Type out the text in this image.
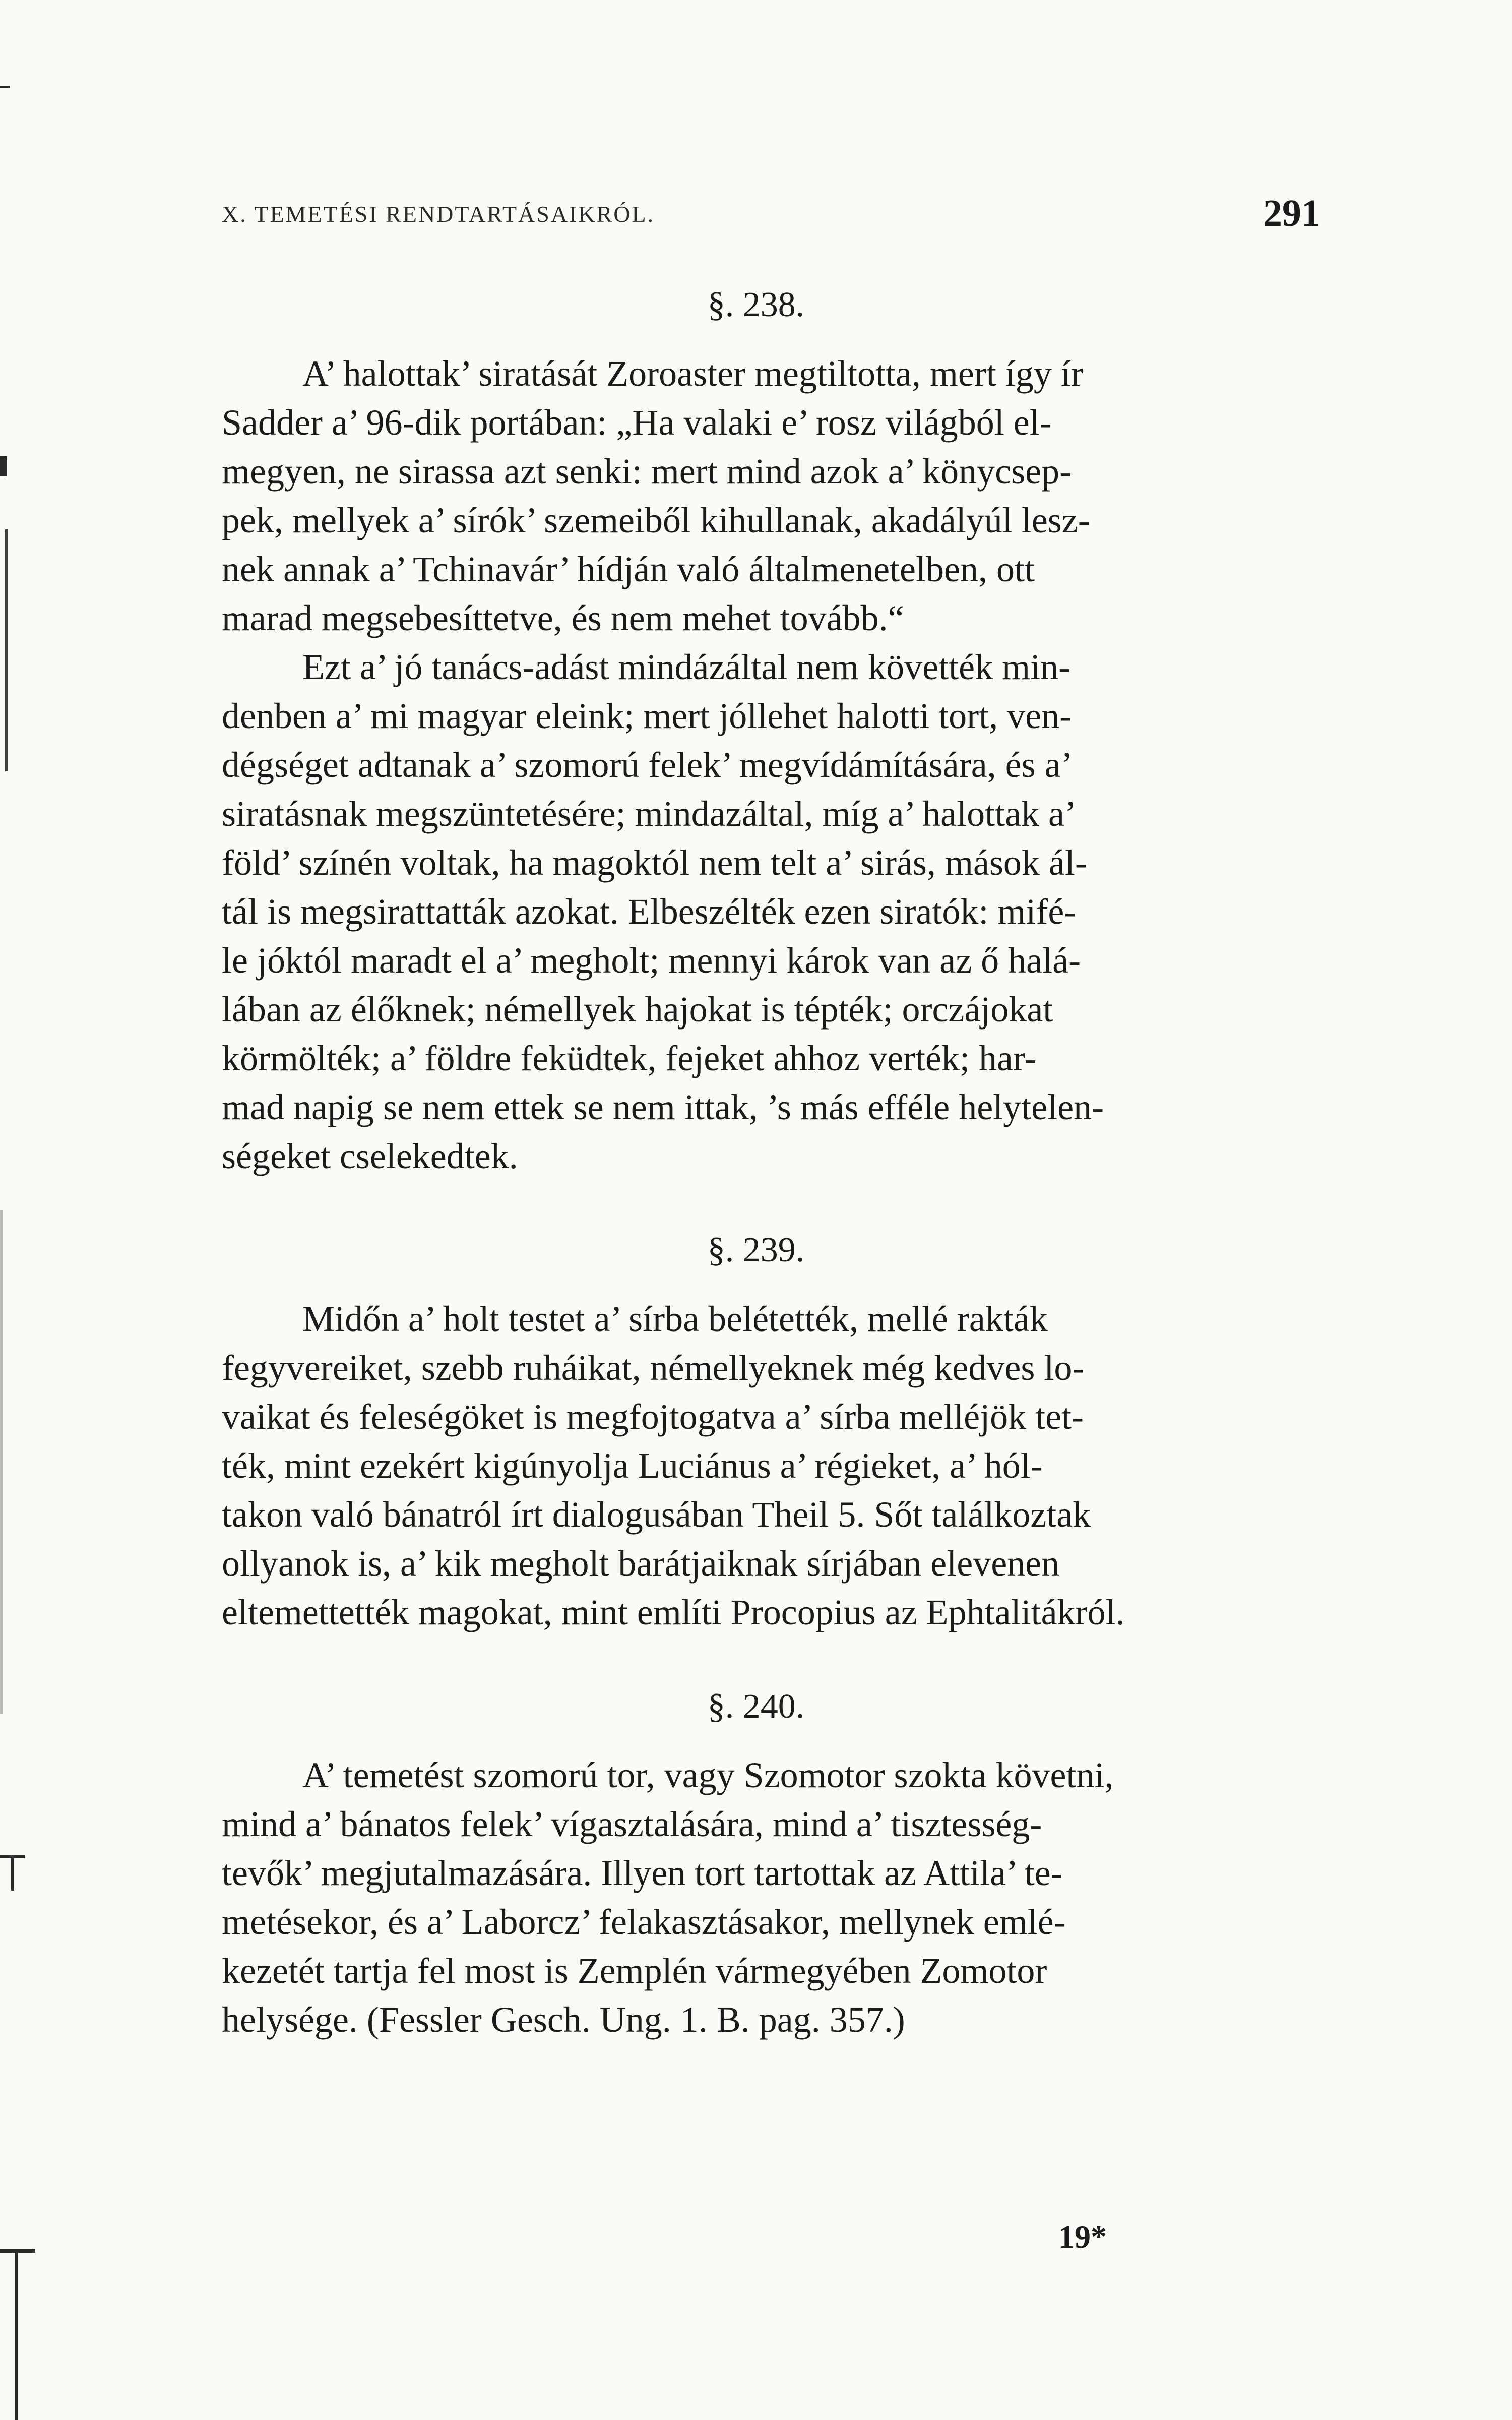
X. TEMETÉSI RENDTARTÁSAIKRÓL.	291
§. 238.
A’ halottak’ siratását Zoroaster megtiltotta, mert így ír
Sadder a’ 96-dik portában: „Ha valaki e’ rosz világból el-
megyen, ne sirassa azt senki: mert mind azok a’ könycsep-
pek, mellyek a’ sírók’ szemeiből kihullanak, akadályúl lesz-
nek annak a’ Tchinavár’ hídján való általmenetelben, ott
marad megsebesíttetve, és nem mehet tovább.“
Ezt a’ jó tanács-adást mindázáltal nem követték min-
denben a’ mi magyar eleink; mert jóllehet halotti tort, ven-
dégséget adtanak a’ szomorú felek’ megvídámítására, és a’
siratásnak megszüntetésére; mindazáltal, míg a’ halottak a’
föld’ színén voltak, ha magoktól nem telt a’ sirás, mások ál-
tál is megsirattatták azokat. Elbeszélték ezen siratók: mifé-
le jóktól maradt el a’ megholt; mennyi károk van az ő halá-
lában az élőknek; némellyek hajokat is tépték; orczájokat
körmölték; a’ földre feküdtek, fejeket ahhoz verték; har-
mad napig se nem ettek se nem ittak, ’s más efféle helytelen-
ségeket cselekedtek.
§. 239.
Midőn a’ holt testet a’ sírba belétették, mellé rakták
fegyvereiket, szebb ruháikat, némellyeknek még kedves lo-
vaikat és feleségöket is megfojtogatva a’ sírba melléjök tet-
ték, mint ezekért kigúnyolja Luciánus a’ régieket, a’ hól-
takon való bánatról írt dialogusában Theil 5. Sőt találkoztak
ollyanok is, a’ kik megholt barátjaiknak sírjában elevenen
eltemettették magokat, mint említi Procopius az Ephtalitákról.
§. 240.
A’ temetést szomorú tor, vagy Szomotor szokta követni,
mind a’ bánatos felek’ vígasztalására, mind a’ tisztesség-
tevők’ megjutalmazására. Illyen tort tartottak az Attila’ te-
metésekor, és a’ Laborcz’ felakasztásakor, mellynek emlé-
kezetét tartja fel most is Zemplén vármegyében Zomotor
helysége. (Fessler Gesch. Ung. 1. B. pag. 357.)
19*
